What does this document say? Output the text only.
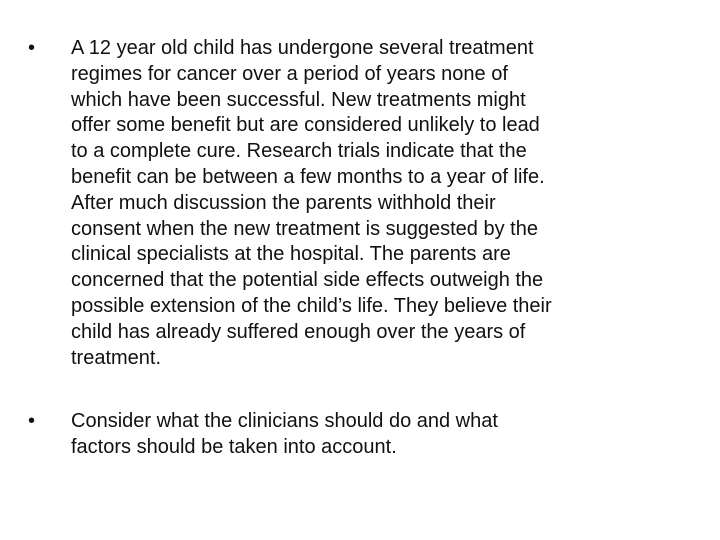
•	A 12 year old child has undergone several treatment
regimes for cancer over a period of years none of
which have been successful. New treatments might
offer some benefit but are considered unlikely to lead
to a complete cure. Research trials indicate that the
benefit can be between a few months to a year of life.
After much discussion the parents withhold their
consent when the new treatment is suggested by the
clinical specialists at the hospital. The parents are
concerned that the potential side effects outweigh the
possible extension of the child’s life. They believe their
child has already suffered enough over the years of
treatment.
•	Consider what the clinicians should do and what
factors should be taken into account.
